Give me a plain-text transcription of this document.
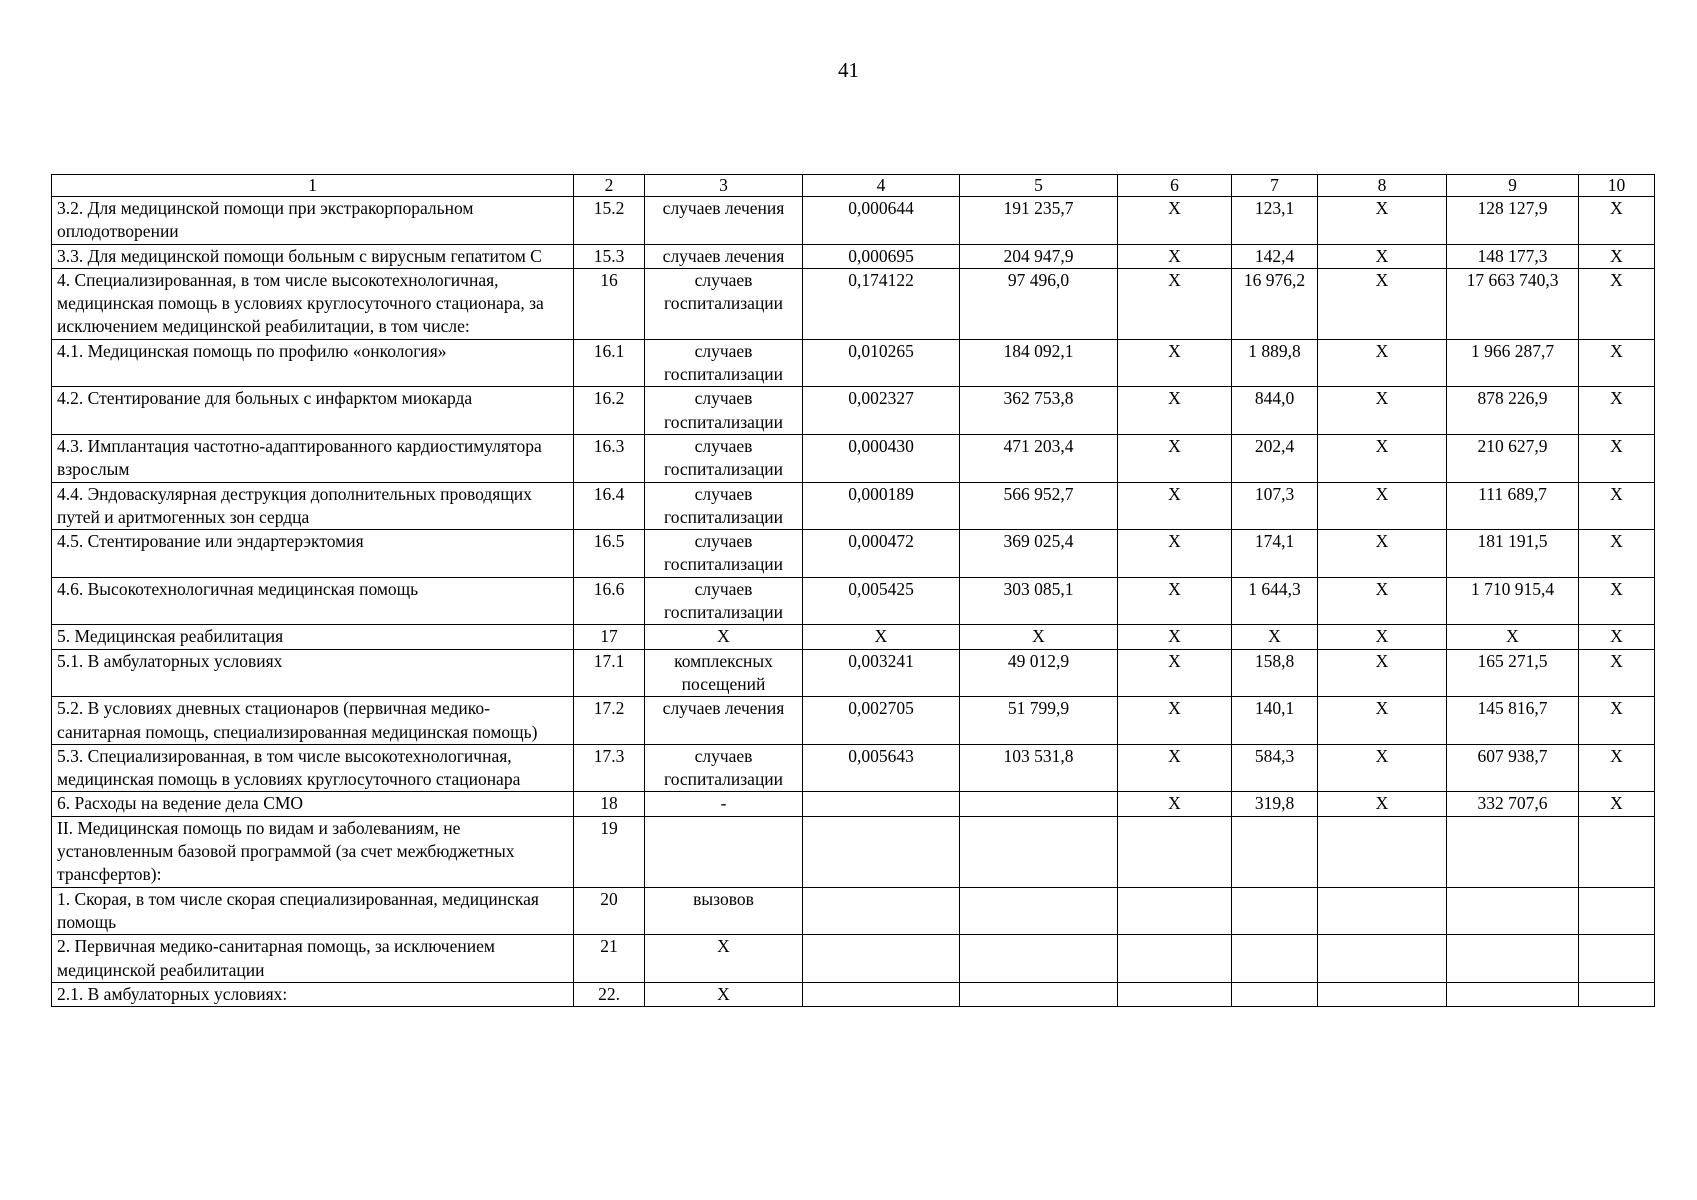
41
1	2	3	4	5	6	7	8	9	10
3.2. Для медицинской помощи при экстракорпоральном оплодотворении	15.2	случаев лечения	0,000644	191 235,7	X	123,1	X	128 127,9	X
3.3. Для медицинской помощи больным с вирусным гепатитом С	15.3	случаев лечения	0,000695	204 947,9	X	142,4	X	148 177,3	X
4. Специализированная, в том числе высокотехнологичная, медицинская помощь в условиях круглосуточного стационара, за исключением медицинской реабилитации, в том числе:	16	случаев госпитализации	0,174122	97 496,0	X	16 976,2	X	17 663 740,3	X
4.1. Медицинская помощь по профилю «онкология»	16.1	случаев госпитализации	0,010265	184 092,1	X	1 889,8	X	1 966 287,7	X
4.2. Стентирование для больных с инфарктом миокарда	16.2	случаев госпитализации	0,002327	362 753,8	X	844,0	X	878 226,9	X
4.3. Имплантация частотно-адаптированного кардиостимулятора взрослым	16.3	случаев госпитализации	0,000430	471 203,4	X	202,4	X	210 627,9	X
4.4. Эндоваскулярная деструкция дополнительных проводящих путей и аритмогенных зон сердца	16.4	случаев госпитализации	0,000189	566 952,7	X	107,3	X	111 689,7	X
4.5. Стентирование или эндартерэктомия	16.5	случаев госпитализации	0,000472	369 025,4	X	174,1	X	181 191,5	X
4.6. Высокотехнологичная медицинская помощь	16.6	случаев госпитализации	0,005425	303 085,1	X	1 644,3	X	1 710 915,4	X
5. Медицинская реабилитация	17	X	X	X	X	X	X	X	X
5.1. В амбулаторных условиях	17.1	комплексных посещений	0,003241	49 012,9	X	158,8	X	165 271,5	X
5.2. В условиях дневных стационаров (первичная медико-санитарная помощь, специализированная медицинская помощь)	17.2	случаев лечения	0,002705	51 799,9	X	140,1	X	145 816,7	X
5.3. Специализированная, в том числе высокотехнологичная, медицинская помощь в условиях круглосуточного стационара	17.3	случаев госпитализации	0,005643	103 531,8	X	584,3	X	607 938,7	X
6. Расходы на ведение дела СМО	18	-			X	319,8	X	332 707,6	X
II. Медицинская помощь по видам и заболеваниям, не установленным базовой программой (за счет межбюджетных трансфертов):	19								
1. Скорая, в том числе скорая специализированная, медицинская помощь	20	вызовов							
2. Первичная медико-санитарная помощь, за исключением медицинской реабилитации	21	X							
2.1. В амбулаторных условиях:	22.	X							
